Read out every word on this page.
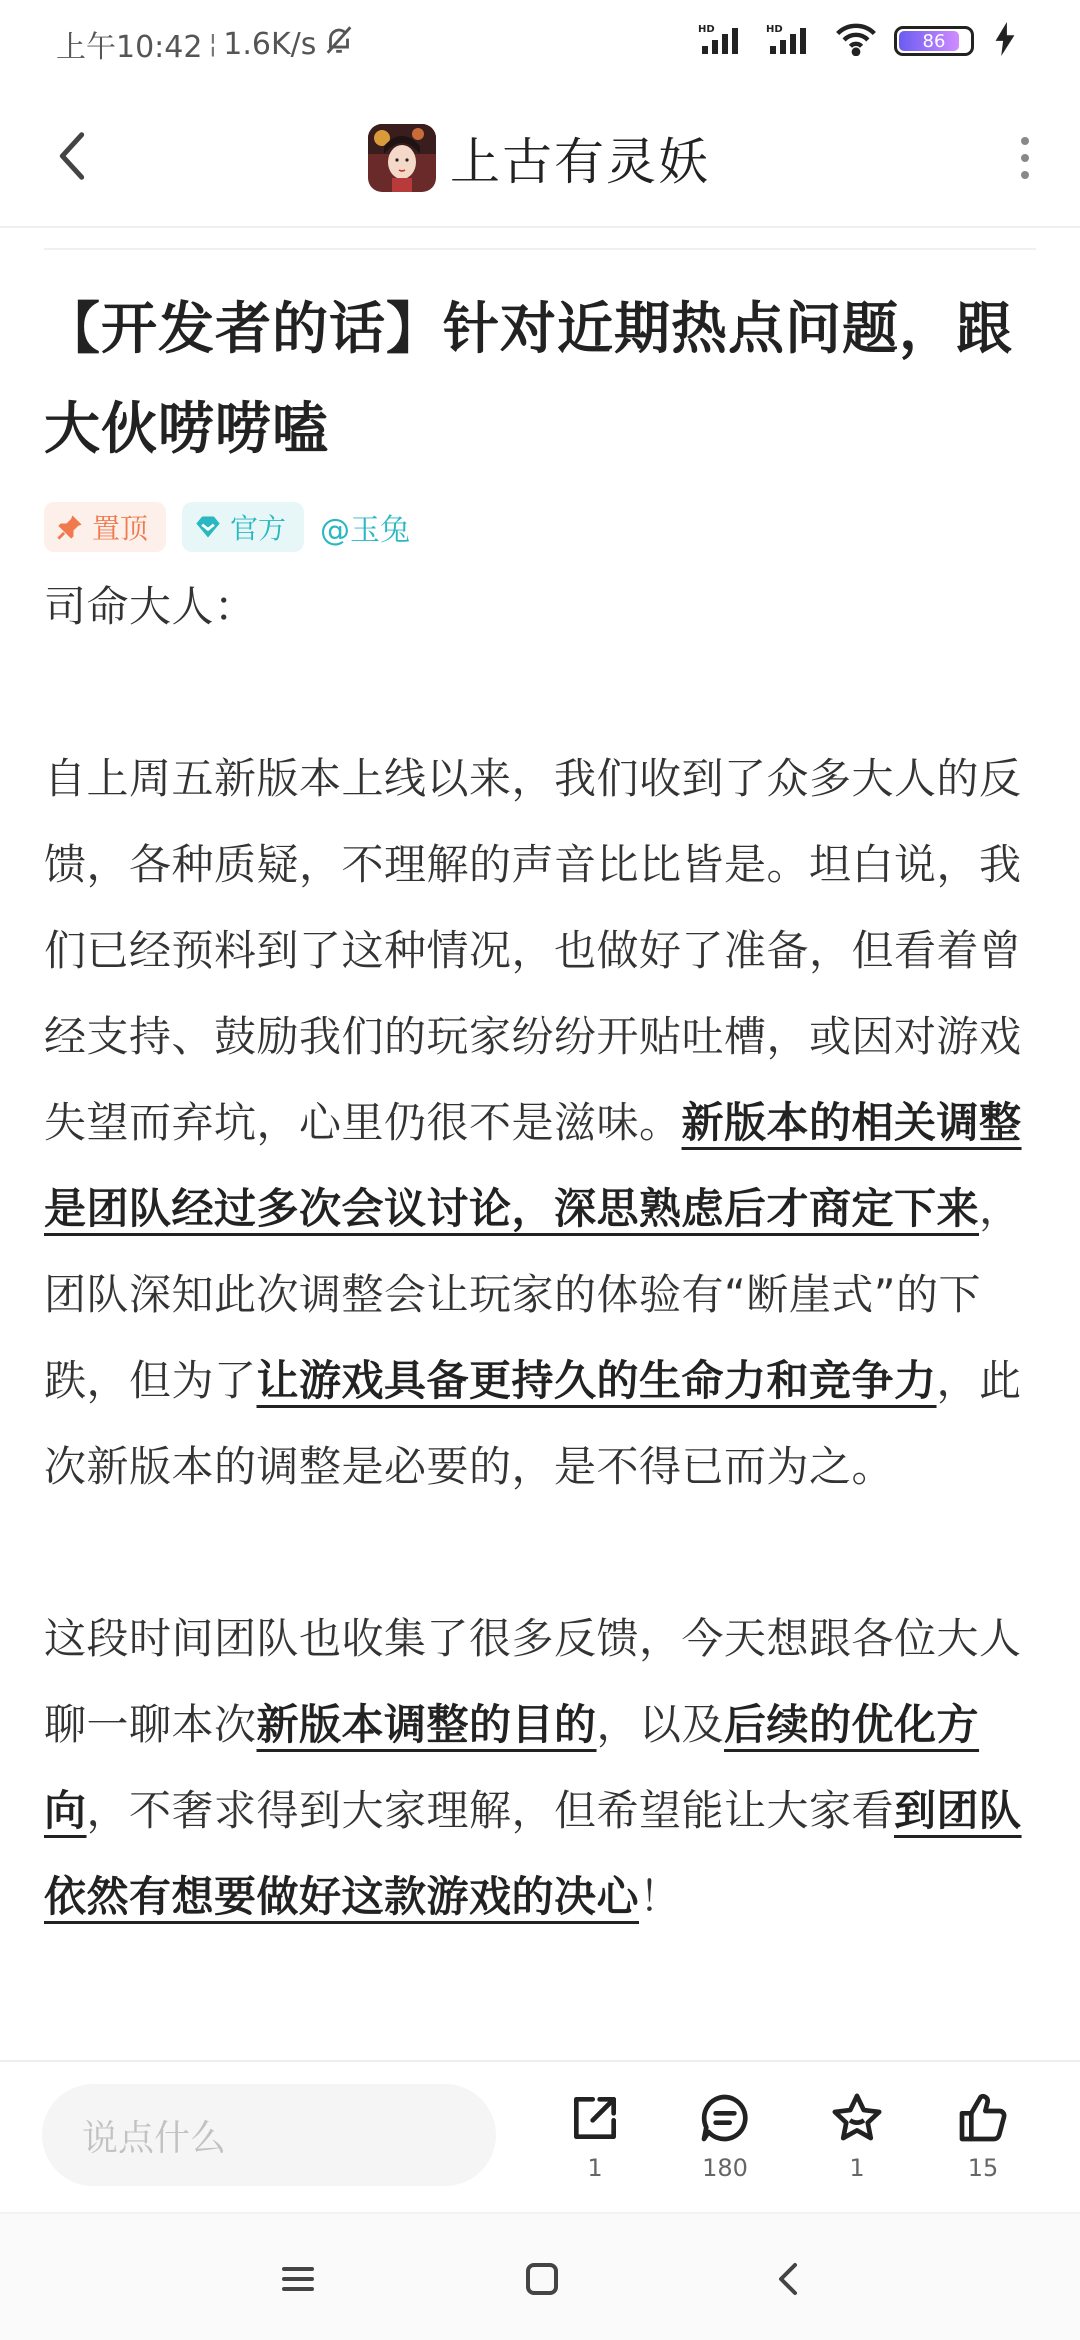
上午10:42 ¦ 1.6K/s	HD	HD
86
上古有灵妖
【开发者的话】针对近期热点问题，跟大伙唠唠嗑
置顶	官方 @玉兔
司命大人：

自上周五新版本上线以来，我们收到了众多大人的反馈，各种质疑，不理解的声音比比皆是。坦白说，我们已经预料到了这种情况，也做好了准备，但看着曾经支持、鼓励我们的玩家纷纷开贴吐槽，或因对游戏失望而弃坑，心里仍很不是滋味。新版本的相关调整是团队经过多次会议讨论，深思熟虑后才商定下来，团队深知此次调整会让玩家的体验有“断崖式”的下跌，但为了让游戏具备更持久的生命力和竞争力，此次新版本的调整是必要的，是不得已而为之。

这段时间团队也收集了很多反馈，今天想跟各位大人聊一聊本次新版本调整的目的，以及后续的优化方向，不奢求得到大家理解，但希望能让大家看到团队依然有想要做好这款游戏的决心！

说点什么
1	180	1	15
